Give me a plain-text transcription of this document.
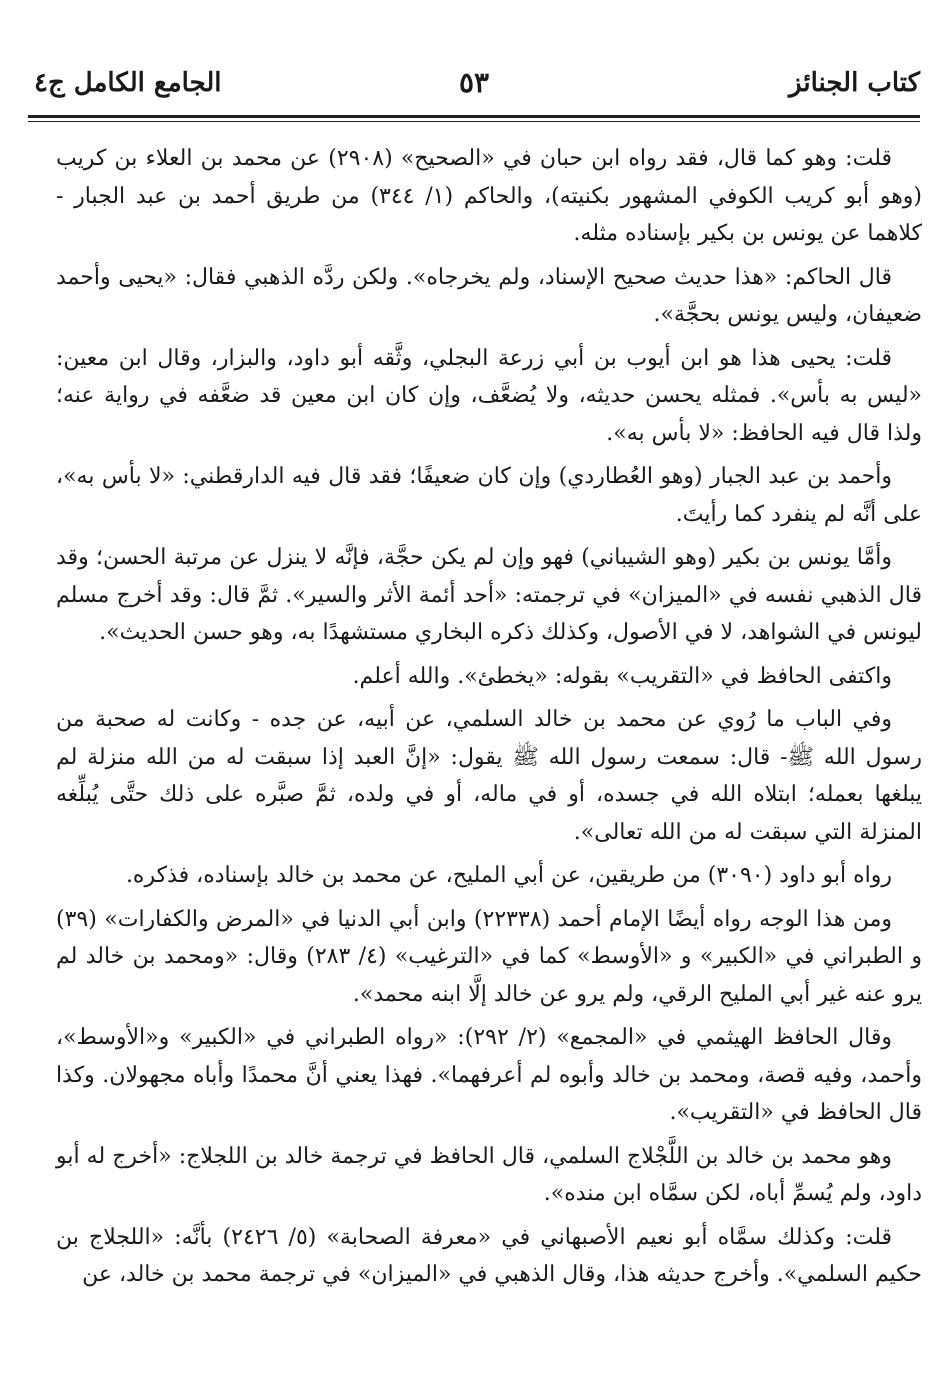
كتاب الجنائز
٥٣
الجامع الكامل ج٤

قلت: وهو كما قال، فقد رواه ابن حبان في «الصحيح» (٢٩٠٨) عن محمد بن العلاء بن كريب (وهو أبو كريب الكوفي المشهور بكنيته)، والحاكم (١/ ٣٤٤) من طريق أحمد بن عبد الجبار - كلاهما عن يونس بن بكير بإسناده مثله.

قال الحاكم: «هذا حديث صحيح الإسناد، ولم يخرجاه». ولكن ردَّه الذهبي فقال: «يحيى وأحمد ضعيفان، وليس يونس بحجَّة».

قلت: يحيى هذا هو ابن أيوب بن أبي زرعة البجلي، وثَّقه أبو داود، والبزار، وقال ابن معين: «ليس به بأس». فمثله يحسن حديثه، ولا يُضعَّف، وإن كان ابن معين قد ضعَّفه في رواية عنه؛ ولذا قال فيه الحافظ: «لا بأس به».

وأحمد بن عبد الجبار (وهو العُطاردي) وإن كان ضعيفًا؛ فقد قال فيه الدارقطني: «لا بأس به»، على أنَّه لم ينفرد كما رأيتَ.

وأمَّا يونس بن بكير (وهو الشيباني) فهو وإن لم يكن حجَّة، فإنَّه لا ينزل عن مرتبة الحسن؛ وقد قال الذهبي نفسه في «الميزان» في ترجمته: «أحد أئمة الأثر والسير». ثمَّ قال: وقد أخرج مسلم ليونس في الشواهد، لا في الأصول، وكذلك ذكره البخاري مستشهدًا به، وهو حسن الحديث».

واكتفى الحافظ في «التقريب» بقوله: «يخطئ». والله أعلم.

وفي الباب ما رُوي عن محمد بن خالد السلمي، عن أبيه، عن جده - وكانت له صحبة من رسول الله ﷺ- قال: سمعت رسول الله ﷺ يقول: «إنَّ العبد إذا سبقت له من الله منزلة لم يبلغها بعمله؛ ابتلاه الله في جسده، أو في ماله، أو في ولده، ثمَّ صبَّره على ذلك حتَّى يُبلِّغه المنزلة التي سبقت له من الله تعالى».

رواه أبو داود (٣٠٩٠) من طريقين، عن أبي المليح، عن محمد بن خالد بإسناده، فذكره.

ومن هذا الوجه رواه أيضًا الإمام أحمد (٢٢٣٣٨) وابن أبي الدنيا في «المرض والكفارات» (٣٩) و الطبراني في «الكبير» و «الأوسط» كما في «الترغيب» (٤/ ٢٨٣) وقال: «ومحمد بن خالد لم يرو عنه غير أبي المليح الرقي، ولم يرو عن خالد إلَّا ابنه محمد».

وقال الحافظ الهيثمي في «المجمع» (٢/ ٢٩٢): «رواه الطبراني في «الكبير» و«الأوسط»، وأحمد، وفيه قصة، ومحمد بن خالد وأبوه لم أعرفهما». فهذا يعني أنَّ محمدًا وأباه مجهولان. وكذا قال الحافظ في «التقريب».

وهو محمد بن خالد بن اللَّجْلاج السلمي، قال الحافظ في ترجمة خالد بن اللجلاج: «أخرج له أبو داود، ولم يُسمِّ أباه، لكن سمَّاه ابن منده».

قلت: وكذلك سمَّاه أبو نعيم الأصبهاني في «معرفة الصحابة» (٥/ ٢٤٢٦) بأنَّه: «اللجلاج بن حكيم السلمي». وأخرج حديثه هذا، وقال الذهبي في «الميزان» في ترجمة محمد بن خالد، عن
